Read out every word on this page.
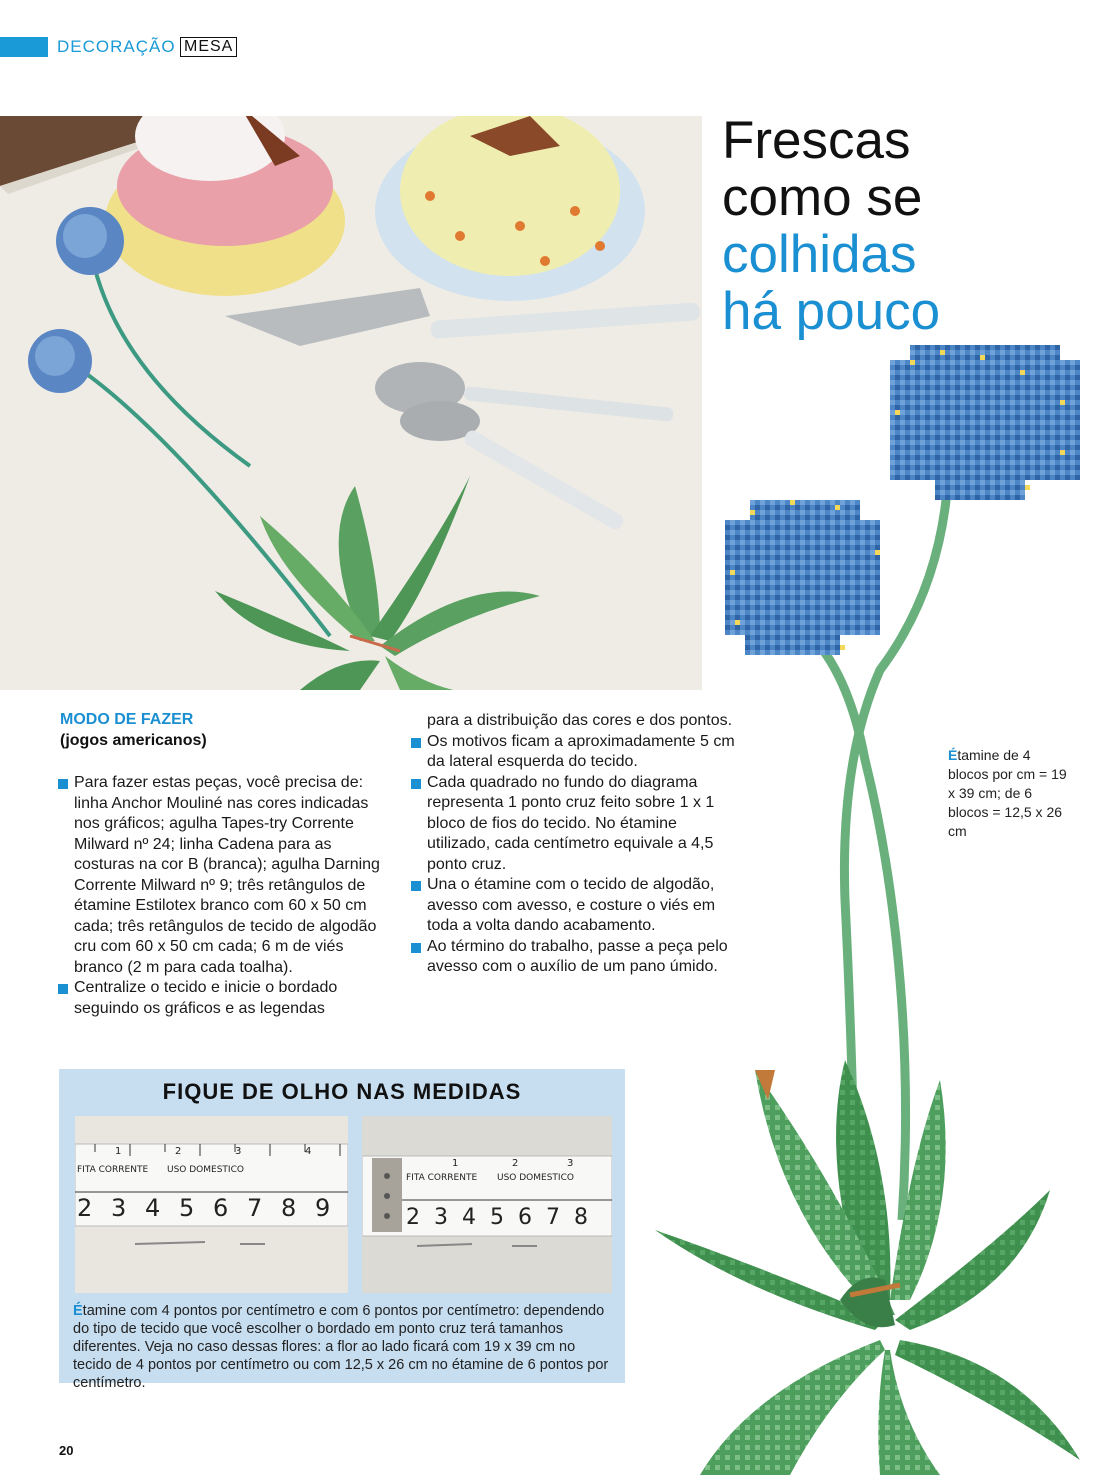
DECORAÇÃO MESA
Frescas
como se
colhidas
há pouco
Étamine de 4 blocos por cm = 19 x 39 cm; de 6 blocos = 12,5 x 26 cm
MODO DE FAZER
(jogos americanos)
Para fazer estas peças, você precisa de: linha Anchor Mouliné nas cores indicadas nos gráficos; agulha Tapes-try Corrente Milward nº 24; linha Cadena para as costuras na cor B (branca); agulha Darning Corrente Milward nº 9; três retângulos de étamine Estilotex branco com 60 x 50 cm cada; três retângulos de tecido de algodão cru com 60 x 50 cm cada; 6 m de viés branco (2 m para cada toalha).
Centralize o tecido e inicie o bordado seguindo os gráficos e as legendas
para a distribuição das cores e dos pontos.
Os motivos ficam a aproximadamente 5 cm da lateral esquerda do tecido.
Cada quadrado no fundo do diagrama representa 1 ponto cruz feito sobre 1 x 1 bloco de fios do tecido. No étamine utilizado, cada centímetro equivale a 4,5 ponto cruz.
Una o étamine com o tecido de algodão, avesso com avesso, e costure o viés em toda a volta dando acabamento.
Ao término do trabalho, passe a peça pelo avesso com o auxílio de um pano úmido.
FIQUE DE OLHO NAS MEDIDAS
1	2	3	4
FITA CORRENTE USO DOMESTICO
2 3 4 5 6 7 8 9
1	2	3
FITA CORRENTE USO DOMESTICO
2 3 4 5 6 7 8
Étamine com 4 pontos por centímetro e com 6 pontos por centímetro: dependendo do tipo de tecido que você escolher o bordado em ponto cruz terá tamanhos diferentes. Veja no caso dessas flores: a flor ao lado ficará com 19 x 39 cm no tecido de 4 pontos por centímetro ou com 12,5 x 26 cm no étamine de 6 pontos por centímetro.
20
